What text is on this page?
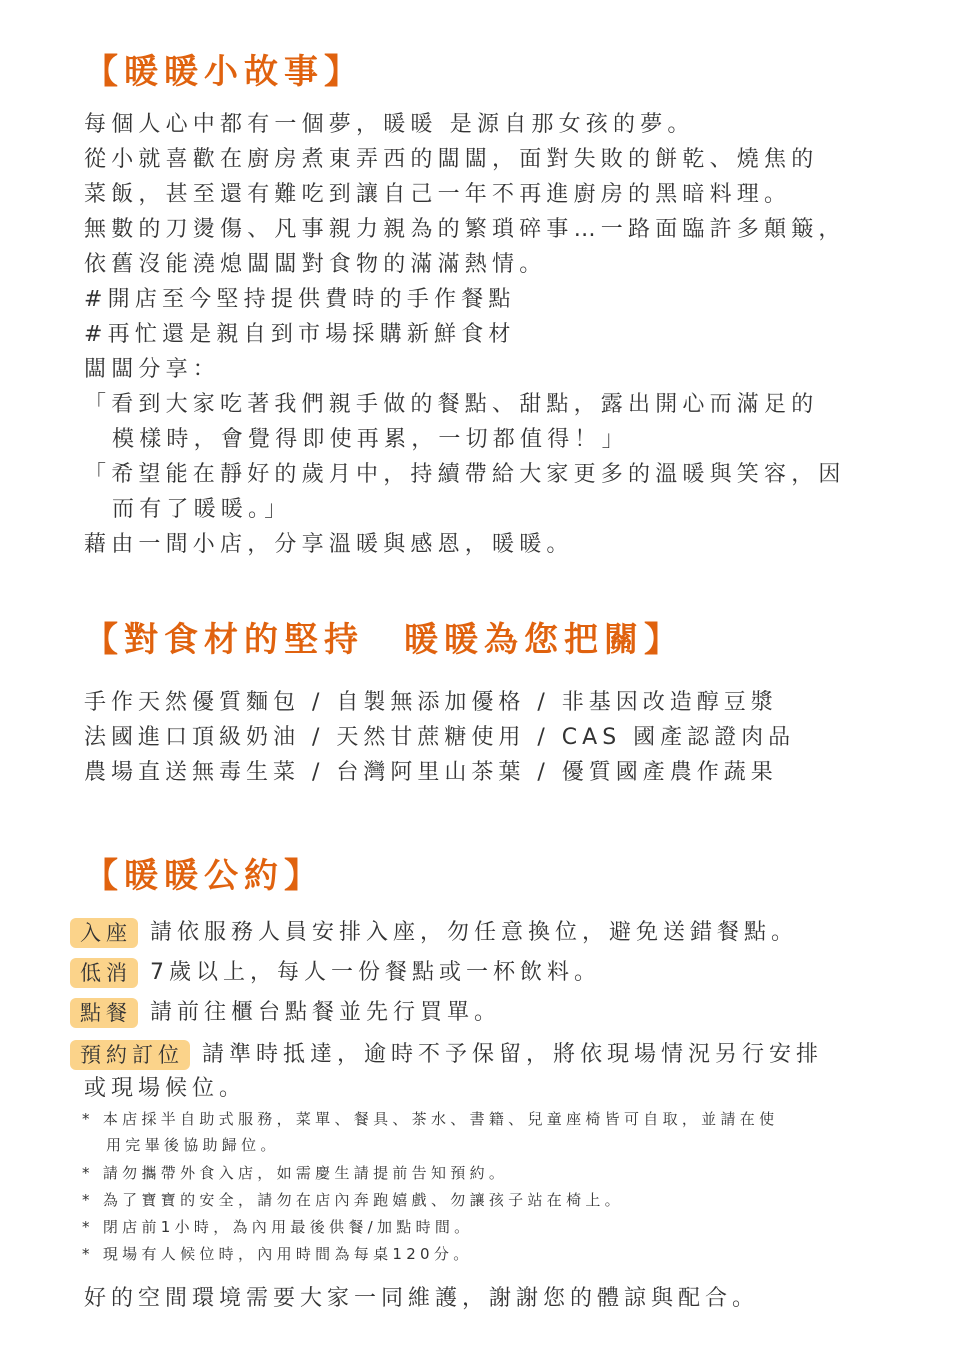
【暖暖小故事】
每個人心中都有一個夢，暖暖 是源自那女孩的夢。
從小就喜歡在廚房煮東弄西的闆闆，面對失敗的餅乾、燒焦的
菜飯，甚至還有難吃到讓自己一年不再進廚房的黑暗料理。
無數的刀燙傷、凡事親力親為的繁瑣碎事…一路面臨許多顛簸，
依舊沒能澆熄闆闆對食物的滿滿熱情。
#開店至今堅持提供費時的手作餐點
#再忙還是親自到市場採購新鮮食材
闆闆分享：
「看到大家吃著我們親手做的餐點、甜點，露出開心而滿足的
模樣時，會覺得即使再累，一切都值得！」
「希望能在靜好的歲月中，持續帶給大家更多的溫暖與笑容，因
而有了暖暖。」
藉由一間小店，分享溫暖與感恩，暖暖。
【對食材的堅持　暖暖為您把關】
手作天然優質麵包 / 自製無添加優格 / 非基因改造醇豆漿
法國進口頂級奶油 / 天然甘蔗糖使用 / CAS 國產認證肉品
農場直送無毒生菜 / 台灣阿里山茶葉 / 優質國產農作蔬果
【暖暖公約】
入座 請依服務人員安排入座，勿任意換位，避免送錯餐點。
低消 7歲以上，每人一份餐點或一杯飲料。
點餐 請前往櫃台點餐並先行買單。
預約訂位 請準時抵達，逾時不予保留，將依現場情況另行安排
或現場候位。
* 本店採半自助式服務，菜單、餐具、茶水、書籍、兒童座椅皆可自取，並請在使
用完畢後協助歸位。
* 請勿攜帶外食入店，如需慶生請提前告知預約。
* 為了寶寶的安全，請勿在店內奔跑嬉戲、勿讓孩子站在椅上。
* 閉店前1小時，為內用最後供餐/加點時間。
* 現場有人候位時，內用時間為每桌120分。
好的空間環境需要大家一同維護，謝謝您的體諒與配合。
